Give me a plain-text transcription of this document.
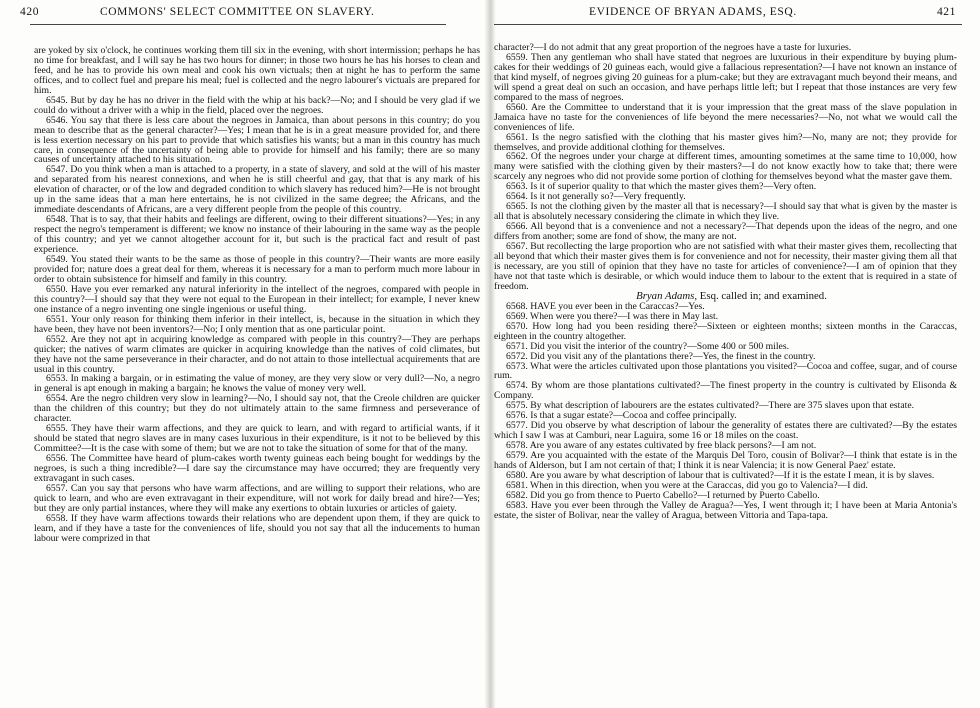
420	COMMONS' SELECT COMMITTEE ON SLAVERY.

are yoked by six o'clock, he continues working them till six in the evening, with short intermission; perhaps he has no time for breakfast, and I will say he has two hours for dinner; in those two hours he has his horses to clean and feed, and he has to provide his own meal and cook his own victuals; then at night he has to perform the same offices, and to collect fuel and prepare his meal; fuel is collected and the negro labourer's victuals are prepared for him.

6545. But by day he has no driver in the field with the whip at his back?—No; and I should be very glad if we could do without a driver with a whip in the field, placed over the negroes.

6546. You say that there is less care about the negroes in Jamaica, than about persons in this country; do you mean to describe that as the general character?—Yes; I mean that he is in a great measure provided for, and there is less exertion necessary on his part to provide that which satisfies his wants; but a man in this country has much care, in consequence of the uncertainty of being able to provide for himself and his family; there are so many causes of uncertainty attached to his situation.

6547. Do you think when a man is attached to a property, in a state of slavery, and sold at the will of his master and separated from his nearest connexions, and when he is still cheerful and gay, that that is any mark of his elevation of character, or of the low and degraded condition to which slavery has reduced him?—He is not brought up in the same ideas that a man here entertains, he is not civilized in the same degree; the Africans, and the immediate descendants of Africans, are a very different people from the people of this country.

6548. That is to say, that their habits and feelings are different, owing to their different situations?—Yes; in any respect the negro's temperament is different; we know no instance of their labouring in the same way as the people of this country; and yet we cannot altogether account for it, but such is the practical fact and result of past experience.

6549. You stated their wants to be the same as those of people in this country?—Their wants are more easily provided for; nature does a great deal for them, whereas it is necessary for a man to perform much more labour in order to obtain subsistence for himself and family in this country.

6550. Have you ever remarked any natural inferiority in the intellect of the negroes, compared with people in this country?—I should say that they were not equal to the European in their intellect; for example, I never knew one instance of a negro inventing one single ingenious or useful thing.

6551. Your only reason for thinking them inferior in their intellect, is, because in the situation in which they have been, they have not been inventors?—No; I only mention that as one particular point.

6552. Are they not apt in acquiring knowledge as compared with people in this country?—They are perhaps quicker; the natives of warm climates are quicker in acquiring knowledge than the natives of cold climates, but they have not the same perseverance in their character, and do not attain to those intellectual acquirements that are usual in this country.

6553. In making a bargain, or in estimating the value of money, are they very slow or very dull?—No, a negro in general is apt enough in making a bargain; he knows the value of money very well.

6554. Are the negro children very slow in learning?—No, I should say not, that the Creole children are quicker than the children of this country; but they do not ultimately attain to the same firmness and perseverance of character.

6555. They have their warm affections, and they are quick to learn, and with regard to artificial wants, if it should be stated that negro slaves are in many cases luxurious in their expenditure, is it not to be believed by this Committee?—It is the case with some of them; but we are not to take the situation of some for that of the many.

6556. The Committee have heard of plum-cakes worth twenty guineas each being bought for weddings by the negroes, is such a thing incredible?—I dare say the circumstance may have occurred; they are frequently very extravagant in such cases.

6557. Can you say that persons who have warm affections, and are willing to support their relations, who are quick to learn, and who are even extravagant in their expenditure, will not work for daily bread and hire?—Yes; but they are only partial instances, where they will make any exertions to obtain luxuries or articles of gaiety.

6558. If they have warm affections towards their relations who are dependent upon them, if they are quick to learn, and if they have a taste for the conveniences of life, should you not say that all the inducements to human labour were comprized in that

EVIDENCE OF BRYAN ADAMS, ESQ.	421

character?—I do not admit that any great proportion of the negroes have a taste for luxuries.

6559. Then any gentleman who shall have stated that negroes are luxurious in their expenditure by buying plum-cakes for their weddings of 20 guineas each, would give a fallacious representation?—I have not known an instance of that kind myself, of negroes giving 20 guineas for a plum-cake; but they are extravagant much beyond their means, and will spend a great deal on such an occasion, and have perhaps little left; but I repeat that those instances are very few compared to the mass of negroes.

6560. Are the Committee to understand that it is your impression that the great mass of the slave population in Jamaica have no taste for the conveniences of life beyond the mere necessaries?—No, not what we would call the conveniences of life.

6561. Is the negro satisfied with the clothing that his master gives him?—No, many are not; they provide for themselves, and provide additional clothing for themselves.

6562. Of the negroes under your charge at different times, amounting sometimes at the same time to 10,000, how many were satisfied with the clothing given by their masters?—I do not know exactly how to take that; there were scarcely any negroes who did not provide some portion of clothing for themselves beyond what the master gave them.

6563. Is it of superior quality to that which the master gives them?—Very often.

6564. Is it not generally so?—Very frequently.

6565. Is not the clothing given by the master all that is necessary?—I should say that what is given by the master is all that is absolutely necessary considering the climate in which they live.

6566. All beyond that is a convenience and not a necessary?—That depends upon the ideas of the negro, and one differs from another; some are fond of show, the many are not.

6567. But recollecting the large proportion who are not satisfied with what their master gives them, recollecting that all beyond that which their master gives them is for convenience and not for necessity, their master giving them all that is necessary, are you still of opinion that they have no taste for articles of convenience?—I am of opinion that they have not that taste which is desirable, or which would induce them to labour to the extent that is required in a state of freedom.

Bryan Adams, Esq. called in; and examined.

6568. HAVE you ever been in the Caraccas?—Yes.

6569. When were you there?—I was there in May last.

6570. How long had you been residing there?—Sixteen or eighteen months; sixteen months in the Caraccas, eighteen in the country altogether.

6571. Did you visit the interior of the country?—Some 400 or 500 miles.

6572. Did you visit any of the plantations there?—Yes, the finest in the country.

6573. What were the articles cultivated upon those plantations you visited?—Cocoa and coffee, sugar, and of course rum.

6574. By whom are those plantations cultivated?—The finest property in the country is cultivated by Elisonda & Company.

6575. By what description of labourers are the estates cultivated?—There are 375 slaves upon that estate.

6576. Is that a sugar estate?—Cocoa and coffee principally.

6577. Did you observe by what description of labour the generality of estates there are cultivated?—By the estates which I saw I was at Camburi, near Laguira, some 16 or 18 miles on the coast.

6578. Are you aware of any estates cultivated by free black persons?—I am not.

6579. Are you acquainted with the estate of the Marquis Del Toro, cousin of Bolivar?—I think that estate is in the hands of Alderson, but I am not certain of that; I think it is near Valencia; it is now General Paez' estate.

6580. Are you aware by what description of labour that is cultivated?—If it is the estate I mean, it is by slaves.

6581. When in this direction, when you were at the Caraccas, did you go to Valencia?—I did.

6582. Did you go from thence to Puerto Cabello?—I returned by Puerto Cabello.

6583. Have you ever been through the Valley de Aragua?—Yes, I went through it; I have been at Maria Antonia's estate, the sister of Bolivar, near the valley of Aragua, between Vittoria and Tapa-tapa.
